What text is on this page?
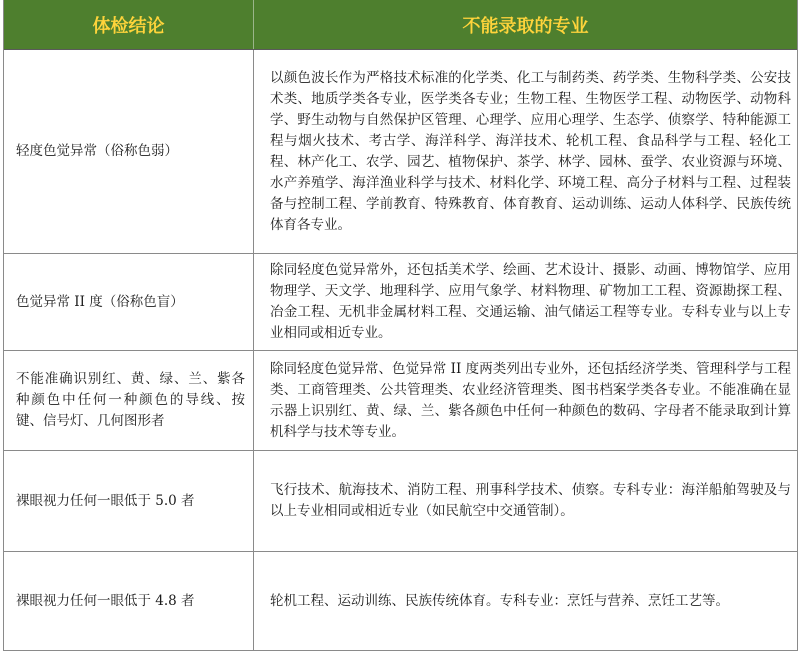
体检结论	不能录取的专业
轻度色觉异常（俗称色弱）
以颜色波长作为严格技术标准的化学类、化工与制药类、药学类、生物科学类、公安技术类、地质学类各专业，医学类各专业；生物工程、生物医学工程、动物医学、动物科学、野生动物与自然保护区管理、心理学、应用心理学、生态学、侦察学、特种能源工程与烟火技术、考古学、海洋科学、海洋技术、轮机工程、食品科学与工程、轻化工程、林产化工、农学、园艺、植物保护、茶学、林学、园林、蚕学、农业资源与环境、水产养殖学、海洋渔业科学与技术、材料化学、环境工程、高分子材料与工程、过程装备与控制工程、学前教育、特殊教育、体育教育、运动训练、运动人体科学、民族传统体育各专业。
色觉异常 II 度（俗称色盲）
除同轻度色觉异常外，还包括美术学、绘画、艺术设计、摄影、动画、博物馆学、应用物理学、天文学、地理科学、应用气象学、材料物理、矿物加工工程、资源勘探工程、冶金工程、无机非金属材料工程、交通运输、油气储运工程等专业。专科专业与以上专业相同或相近专业。
不能准确识别红、黄、绿、兰、紫各种颜色中任何一种颜色的导线、按键、信号灯、几何图形者
除同轻度色觉异常、色觉异常 II 度两类列出专业外，还包括经济学类、管理科学与工程类、工商管理类、公共管理类、农业经济管理类、图书档案学类各专业。不能准确在显示器上识别红、黄、绿、兰、紫各颜色中任何一种颜色的数码、字母者不能录取到计算机科学与技术等专业。
裸眼视力任何一眼低于 5.0 者
飞行技术、航海技术、消防工程、刑事科学技术、侦察。专科专业：海洋船舶驾驶及与以上专业相同或相近专业（如民航空中交通管制）。
裸眼视力任何一眼低于 4.8 者	轮机工程、运动训练、民族传统体育。专科专业：烹饪与营养、烹饪工艺等。
